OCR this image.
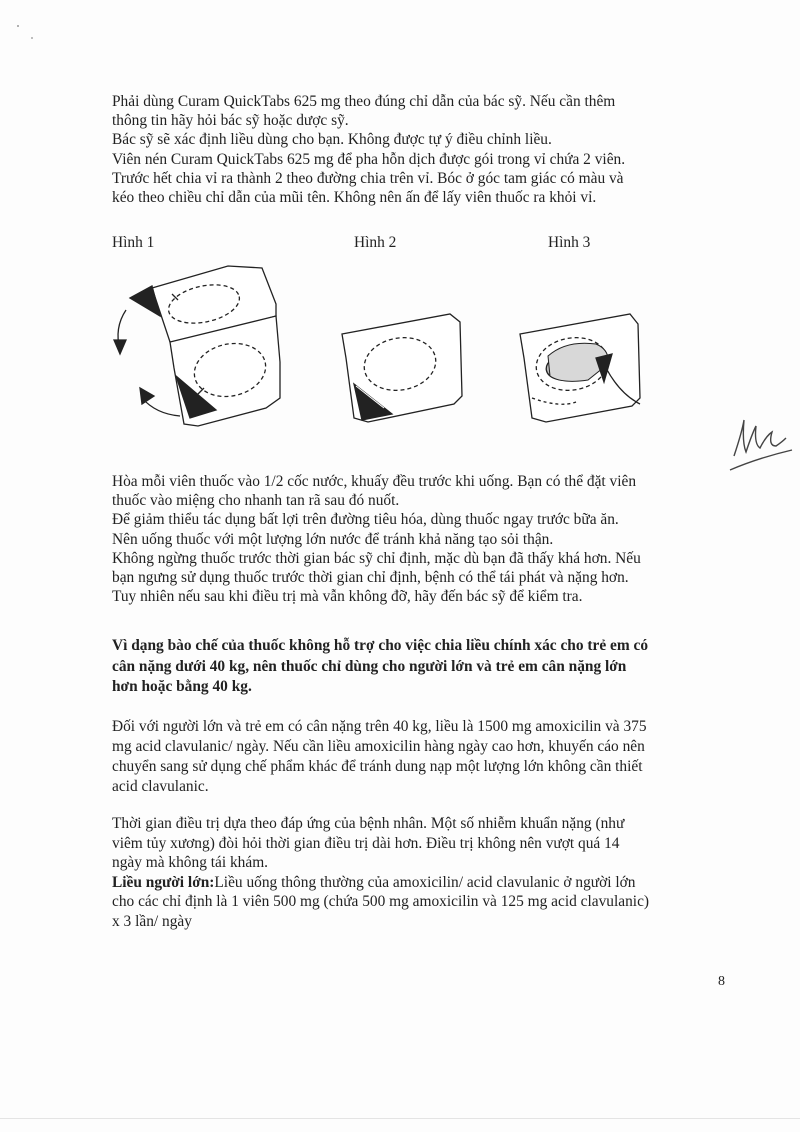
Phải dùng Curam QuickTabs 625 mg theo đúng chỉ dẫn của bác sỹ. Nếu cần thêm

thông tin hãy hỏi bác sỹ hoặc dược sỹ.

Bác sỹ sẽ xác định liều dùng cho bạn. Không được tự ý điều chỉnh liều.

Viên nén Curam QuickTabs 625 mg để pha hỗn dịch được gói trong vỉ chứa 2 viên.

Trước hết chia vỉ ra thành 2 theo đường chia trên vỉ. Bóc ở góc tam giác có màu và

kéo theo chiều chỉ dẫn của mũi tên. Không nên ấn để lấy viên thuốc ra khỏi vỉ.

Hình 1	Hình 2	Hình 3

Hòa mỗi viên thuốc vào 1/2 cốc nước, khuấy đều trước khi uống. Bạn có thể đặt viên

thuốc vào miệng cho nhanh tan rã sau đó nuốt.

Để giảm thiểu tác dụng bất lợi trên đường tiêu hóa, dùng thuốc ngay trước bữa ăn.

Nên uống thuốc với một lượng lớn nước để tránh khả năng tạo sỏi thận.

Không ngừng thuốc trước thời gian bác sỹ chỉ định, mặc dù bạn đã thấy khá hơn. Nếu

bạn ngưng sử dụng thuốc trước thời gian chỉ định, bệnh có thể tái phát và nặng hơn.

Tuy nhiên nếu sau khi điều trị mà vẫn không đỡ, hãy đến bác sỹ để kiểm tra.

Vì dạng bào chế của thuốc không hỗ trợ cho việc chia liều chính xác cho trẻ em có

cân nặng dưới 40 kg, nên thuốc chỉ dùng cho người lớn và trẻ em cân nặng lớn

hơn hoặc bằng 40 kg.

Đối với người lớn và trẻ em có cân nặng trên 40 kg, liều là 1500 mg amoxicilin và 375

mg acid clavulanic/ ngày. Nếu cần liều amoxicilin hàng ngày cao hơn, khuyến cáo nên

chuyển sang sử dụng chế phẩm khác để tránh dung nạp một lượng lớn không cần thiết

acid clavulanic.

Thời gian điều trị dựa theo đáp ứng của bệnh nhân. Một số nhiễm khuẩn nặng (như

viêm tủy xương) đòi hỏi thời gian điều trị dài hơn. Điều trị không nên vượt quá 14

ngày mà không tái khám.

Liều người lớn:Liều uống thông thường của amoxicilin/ acid clavulanic ở người lớn

cho các chỉ định là 1 viên 500 mg (chứa 500 mg amoxicilin và 125 mg acid clavulanic)

x 3 lần/ ngày

8
